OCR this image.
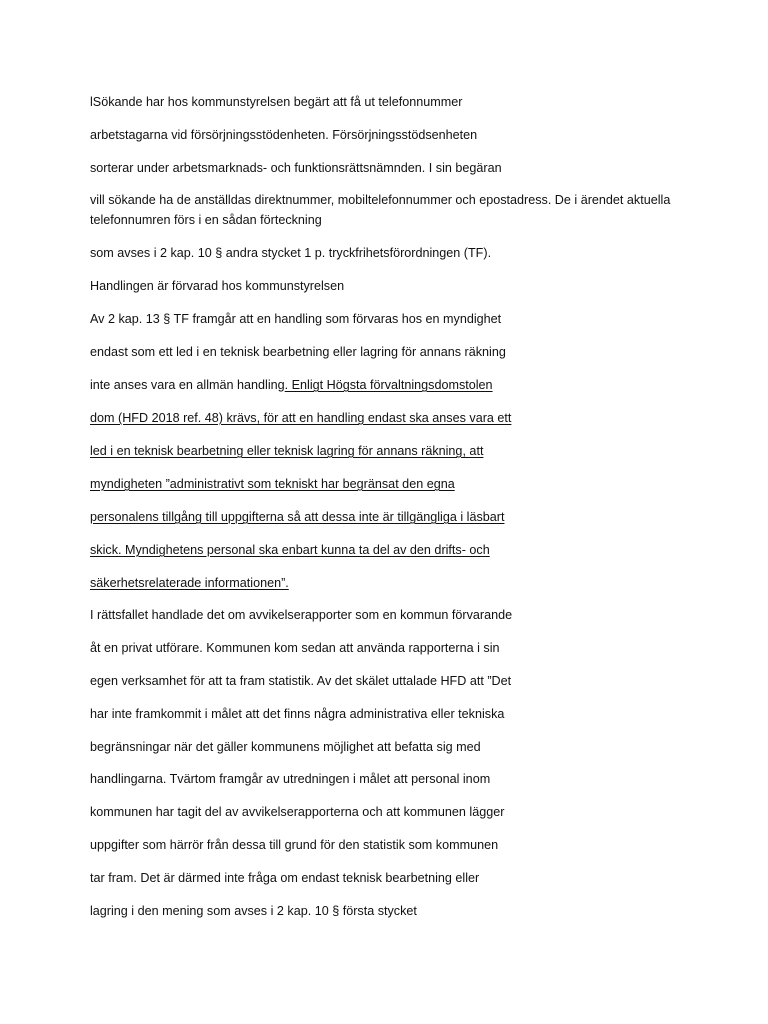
lSökande har hos kommunstyrelsen begärt att få ut telefonnummer

arbetstagarna vid försörjningsstödenheten. Försörjningsstödsenheten

sorterar under arbetsmarknads- och funktionsrättsnämnden. I sin begäran

vill sökande ha de anställdas direktnummer, mobiltelefonnummer och epostadress. De i ärendet aktuella telefonnumren förs i en sådan förteckning

som avses i 2 kap. 10 § andra stycket 1 p. tryckfrihetsförordningen (TF).

Handlingen är förvarad hos kommunstyrelsen

Av 2 kap. 13 § TF framgår att en handling som förvaras hos en myndighet

endast som ett led i en teknisk bearbetning eller lagring för annans räkning

inte anses vara en allmän handling. Enligt Högsta förvaltningsdomstolen

dom (HFD 2018 ref. 48) krävs, för att en handling endast ska anses vara ett

led i en teknisk bearbetning eller teknisk lagring för annans räkning, att

myndigheten ”administrativt som tekniskt har begränsat den egna

personalens tillgång till uppgifterna så att dessa inte är tillgängliga i läsbart

skick. Myndighetens personal ska enbart kunna ta del av den drifts- och

säkerhetsrelaterade informationen”.

I rättsfallet handlade det om avvikelserapporter som en kommun förvarande

åt en privat utförare. Kommunen kom sedan att använda rapporterna i sin

egen verksamhet för att ta fram statistik. Av det skälet uttalade HFD att ”Det

har inte framkommit i målet att det finns några administrativa eller tekniska

begränsningar när det gäller kommunens möjlighet att befatta sig med

handlingarna. Tvärtom framgår av utredningen i målet att personal inom

kommunen har tagit del av avvikelserapporterna och att kommunen lägger

uppgifter som härrör från dessa till grund för den statistik som kommunen

tar fram. Det är därmed inte fråga om endast teknisk bearbetning eller

lagring i den mening som avses i 2 kap. 10 § första stycket
